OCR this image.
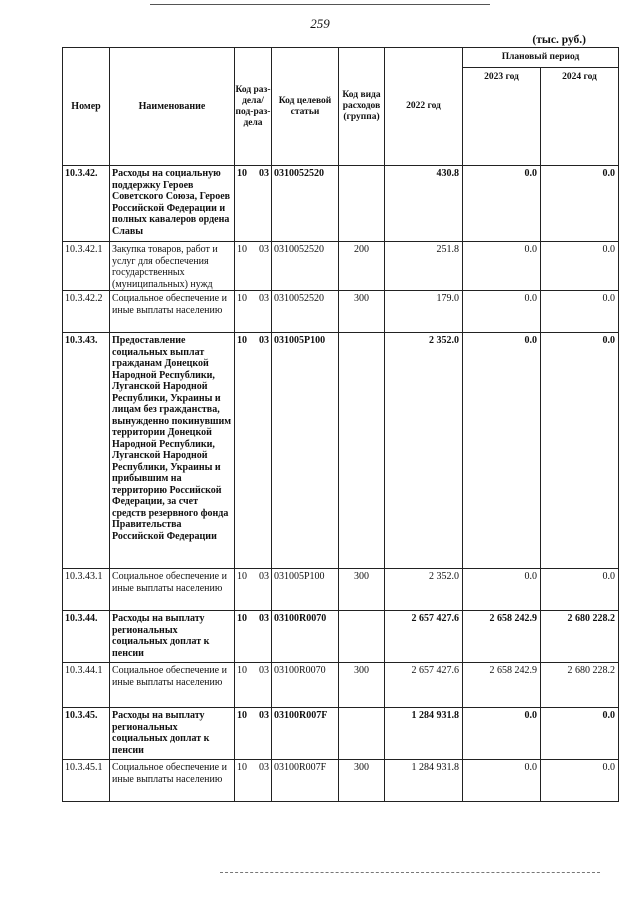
259
(тыс. руб.)
Номер	Наименование	Код раз-дела/ под-раз-дела	Код целевой статьи	Код вида расходов (группа)	2022 год	Плановый период	
						2023 год	2024 год
10.3.42.	Расходы на социальную поддержку Героев Советского Союза, Героев Российской Федерации и полных кавалеров ордена Славы	10 03	0310052520		430.8	0.0	0.0
10.3.42.1	Закупка товаров, работ и услуг для обеспечения государственных (муниципальных) нужд	10 03	0310052520	200	251.8	0.0	0.0
10.3.42.2	Социальное обеспечение и иные выплаты населению	10 03	0310052520	300	179.0	0.0	0.0
10.3.43.	Предоставление социальных выплат гражданам Донецкой Народной Республики, Луганской Народной Республики, Украины и лицам без гражданства, вынужденно покинувшим территории Донецкой Народной Республики, Луганской Народной Республики, Украины и прибывшим на территорию Российской Федерации, за счет средств резервного фонда Правительства Российской Федерации	10 03	031005P100		2 352.0	0.0	0.0
10.3.43.1	Социальное обеспечение и иные выплаты населению	10 03	031005P100	300	2 352.0	0.0	0.0
10.3.44.	Расходы на выплату региональных социальных доплат к пенсии	10 03	03100R0070		2 657 427.6	2 658 242.9	2 680 228.2
10.3.44.1	Социальное обеспечение и иные выплаты населению	10 03	03100R0070	300	2 657 427.6	2 658 242.9	2 680 228.2
10.3.45.	Расходы на выплату региональных социальных доплат к пенсии	10 03	03100R007F		1 284 931.8	0.0	0.0
10.3.45.1	Социальное обеспечение и иные выплаты населению	10 03	03100R007F	300	1 284 931.8	0.0	0.0
